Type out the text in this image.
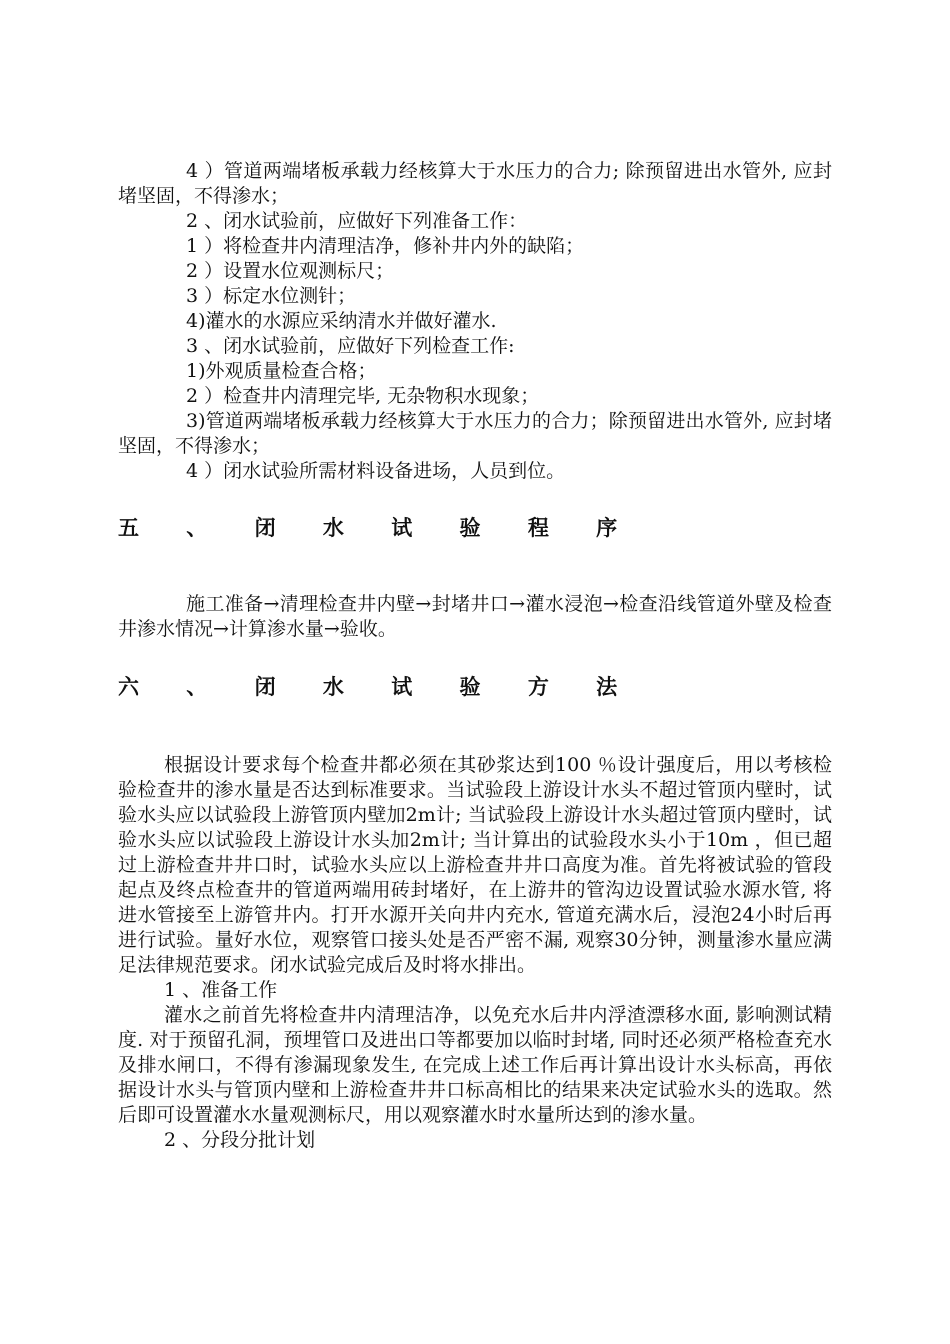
4 ）管道两端堵板承载力经核算大于水压力的合力; 除预留进出水管外, 应封堵坚固，不得渗水；

2 、闭水试验前，应做好下列准备工作：

1 ）将检查井内清理洁净，修补井内外的缺陷；

2 ）设置水位观测标尺；

3 ）标定水位测针；

4)灌水的水源应采纳清水并做好灌水.

3 、闭水试验前，应做好下列检查工作:

1)外观质量检查合格；

2 ）检查井内清理完毕, 无杂物积水现象；

3)管道两端堵板承载力经核算大于水压力的合力；除预留进出水管外, 应封堵坚固，不得渗水；

4 ）闭水试验所需材料设备进场，人员到位。

五 、 闭 水 试 验 程 序

施工准备→清理检查井内壁→封堵井口→灌水浸泡→检查沿线管道外壁及检查井渗水情况→计算渗水量→验收。

六 、 闭 水 试 验 方 法

根据设计要求每个检查井都必须在其砂浆达到100 ％设计强度后，用以考核检验检查井的渗水量是否达到标准要求。当试验段上游设计水头不超过管顶内壁时，试验水头应以试验段上游管顶内壁加2m计; 当试验段上游设计水头超过管顶内壁时，试验水头应以试验段上游设计水头加2m计; 当计算出的试验段水头小于10m ，但已超过上游检查井井口时，试验水头应以上游检查井井口高度为准。首先将被试验的管段起点及终点检查井的管道两端用砖封堵好，在上游井的管沟边设置试验水源水管, 将进水管接至上游管井内。打开水源开关向井内充水, 管道充满水后，浸泡24小时后再进行试验。量好水位，观察管口接头处是否严密不漏, 观察30分钟，测量渗水量应满足法律规范要求。闭水试验完成后及时将水排出。

1 、准备工作

灌水之前首先将检查井内清理洁净，以免充水后井内浮渣漂移水面, 影响测试精度. 对于预留孔洞，预埋管口及进出口等都要加以临时封堵, 同时还必须严格检查充水及排水闸口，不得有渗漏现象发生, 在完成上述工作后再计算出设计水头标高，再依据设计水头与管顶内壁和上游检查井井口标高相比的结果来决定试验水头的选取。然后即可设置灌水水量观测标尺，用以观察灌水时水量所达到的渗水量。

2 、分段分批计划
